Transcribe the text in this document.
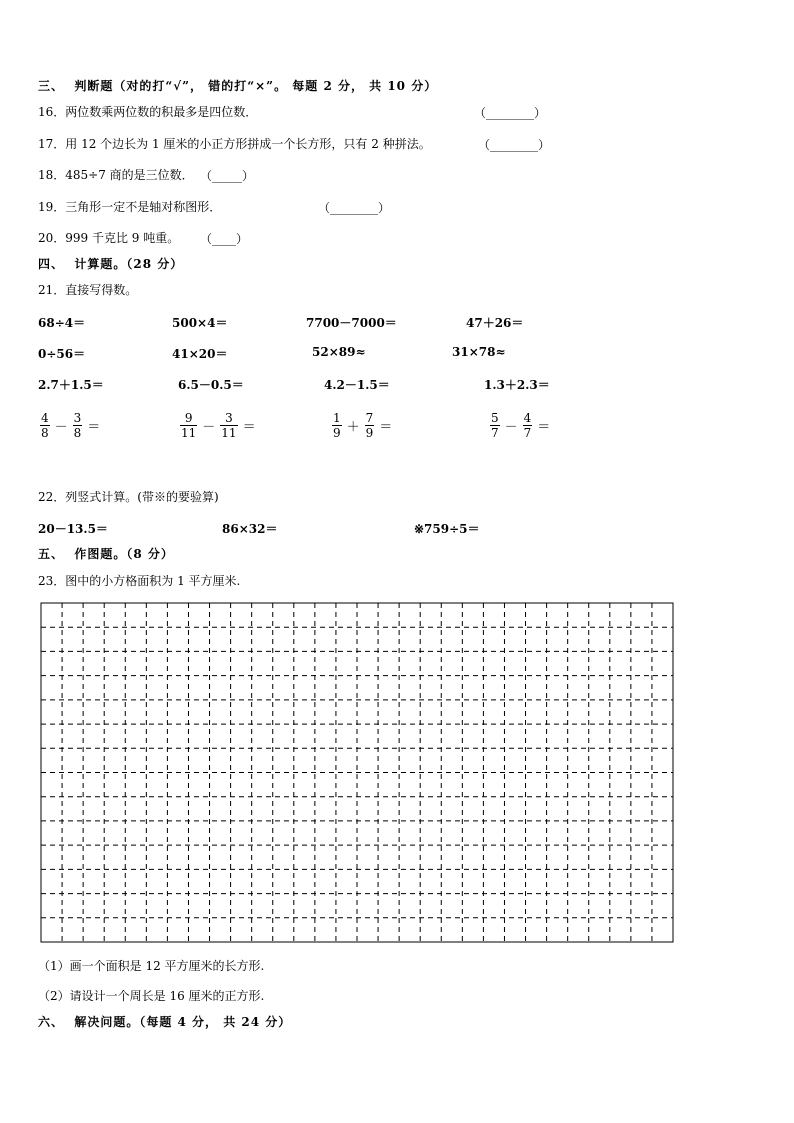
三、  判断题（对的打“√”， 错的打“×”。 每题 2 分， 共 10 分）
16．两位数乘两位数的积最多是四位数．	（________）
17．用 12 个边长为 1 厘米的小正方形拼成一个长方形，只有 2 种拼法。	（________）
18．485÷7 商的是三位数． （_____）
19．三角形一定不是轴对称图形．	（________）
20．999 千克比 9 吨重。 （____）
四、  计算题。（28 分）
21．直接写得数。
68÷4＝	500×4＝	7700－7000＝	47＋26＝
0÷56＝	41×20＝	52×89≈	31×78≈
2.7＋1.5＝	6.5－0.5＝	4.2－1.5＝	1.3＋2.3＝
$\frac{4}{8} - \frac{3}{8}$ ＝	$\frac{9}{11} - \frac{3}{11}$ ＝	$\frac{1}{9} + \frac{7}{9}$ ＝	$\frac{5}{7} - \frac{4}{7}$ ＝
22．列竖式计算。(带※的要验算)
20－13.5＝	86×32＝	※759÷5＝
五、  作图题。（8 分）
23．图中的小方格面积为 1 平方厘米.
（1）画一个面积是 12 平方厘米的长方形.
（2）请设计一个周长是 16 厘米的正方形.
六、  解决问题。（每题 4 分， 共 24 分）
